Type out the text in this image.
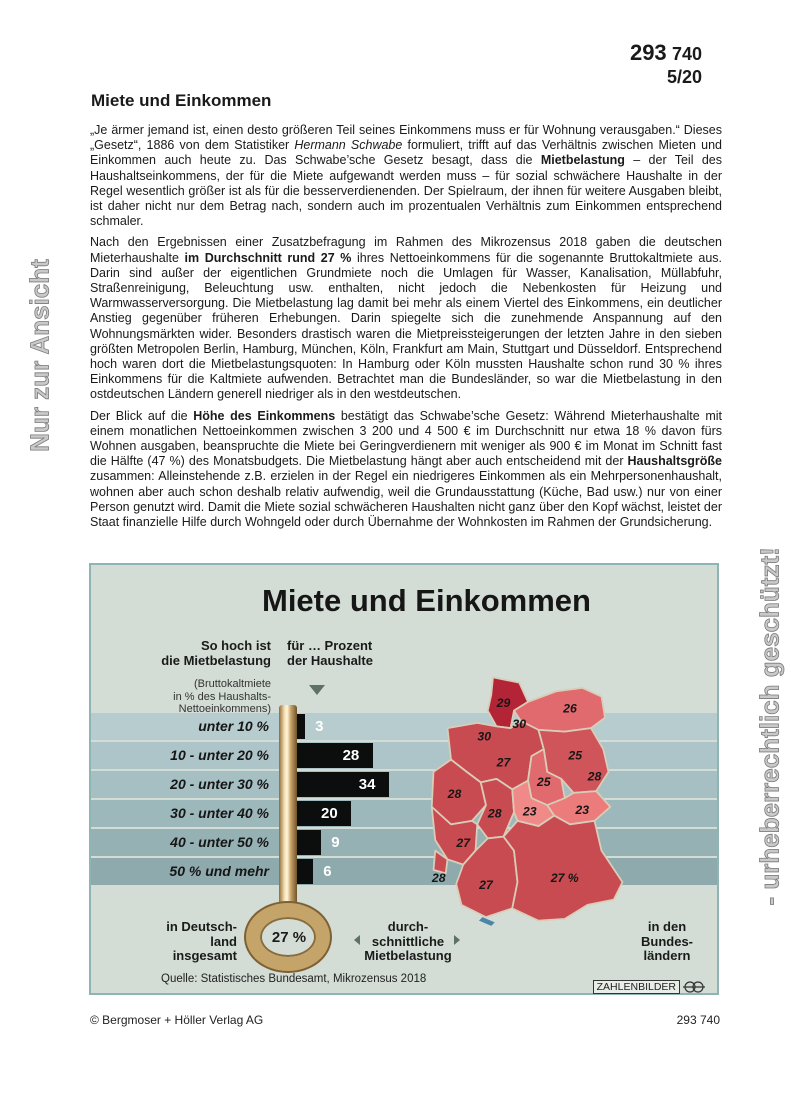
293 740
5/20
Miete und Einkommen

„Je ärmer jemand ist, einen desto größeren Teil seines Einkommens muss er für Wohnung verausgaben.“ Dieses „Gesetz“, 1886 von dem Statistiker Hermann Schwabe formuliert, trifft auf das Verhältnis zwischen Mieten und Einkommen auch heute zu. Das Schwabe’sche Gesetz besagt, dass die Mietbelastung – der Teil des Haushaltseinkommens, der für die Miete aufgewandt werden muss – für sozial schwächere Haushalte in der Regel wesentlich größer ist als für die besserverdienenden. Der Spielraum, der ihnen für weitere Ausgaben bleibt, ist daher nicht nur dem Betrag nach, sondern auch im prozentualen Verhältnis zum Einkommen entsprechend schmaler.

Nach den Ergebnissen einer Zusatzbefragung im Rahmen des Mikrozensus 2018 gaben die deutschen Mieterhaushalte im Durchschnitt rund 27 % ihres Nettoeinkommens für die sogenannte Bruttokaltmiete aus. Darin sind außer der eigentlichen Grundmiete noch die Umlagen für Wasser, Kanalisation, Müllabfuhr, Straßenreinigung, Beleuchtung usw. enthalten, nicht jedoch die Nebenkosten für Heizung und Warmwasserversorgung. Die Mietbelastung lag damit bei mehr als einem Viertel des Einkommens, ein deutlicher Anstieg gegenüber früheren Erhebungen. Darin spiegelte sich die zunehmende Anspannung auf den Wohnungsmärkten wider. Besonders drastisch waren die Mietpreissteigerungen der letzten Jahre in den sieben größten Metropolen Berlin, Hamburg, München, Köln, Frankfurt am Main, Stuttgart und Düsseldorf. Entsprechend hoch waren dort die Mietbelastungsquoten: In Hamburg oder Köln mussten Haushalte schon rund 30 % ihres Einkommens für die Kaltmiete aufwenden. Betrachtet man die Bundesländer, so war die Mietbelastung in den ostdeutschen Ländern generell niedriger als in den westdeutschen.

Der Blick auf die Höhe des Einkommens bestätigt das Schwabe’sche Gesetz: Während Mieterhaushalte mit einem monatlichen Nettoeinkommen zwischen 3 200 und 4 500 € im Durchschnitt nur etwa 18 % davon fürs Wohnen ausgaben, beanspruchte die Miete bei Geringverdienern mit weniger als 900 € im Monat im Schnitt fast die Hälfte (47 %) des Monatsbudgets. Die Mietbelastung hängt aber auch entscheidend mit der Haushaltsgröße zusammen: Alleinstehende z.B. erzielen in der Regel ein niedrigeres Einkommen als ein Mehrpersonenhaushalt, wohnen aber auch schon deshalb relativ aufwendig, weil die Grundausstattung (Küche, Bad usw.) nur von einer Person genutzt wird. Damit die Miete sozial schwächeren Haushalten nicht ganz über den Kopf wächst, leistet der Staat finanzielle Hilfe durch Wohngeld oder durch Übernahme der Wohnkosten im Rahmen der Grundsicherung.

Miete und Einkommen
unter 10 %	3
10 - unter 20 %	28
20 - unter 30 %	34
30 - unter 40 %	20
40 - unter 50 %	9
50 % und mehr	6
So hoch ist
die Mietbelastung
für … Prozent
der Haushalte
(Bruttokaltmiete
in % des Haushalts-
Nettoeinkommens)
27 %
in Deutsch-
land
insgesamt
durch-
schnittliche
Mietbelastung
in den
Bundes-
ländern
29
30
30
26
27	25
28
25
28
28 23	23
27
28 27	27 %
Quelle: Statistisches Bundesamt, Mikrozensus 2018
ZAHLENBILDER
© Bergmoser + Höller Verlag AG	293 740
Nur zur Ansicht
- urheberrechtlich geschützt!
